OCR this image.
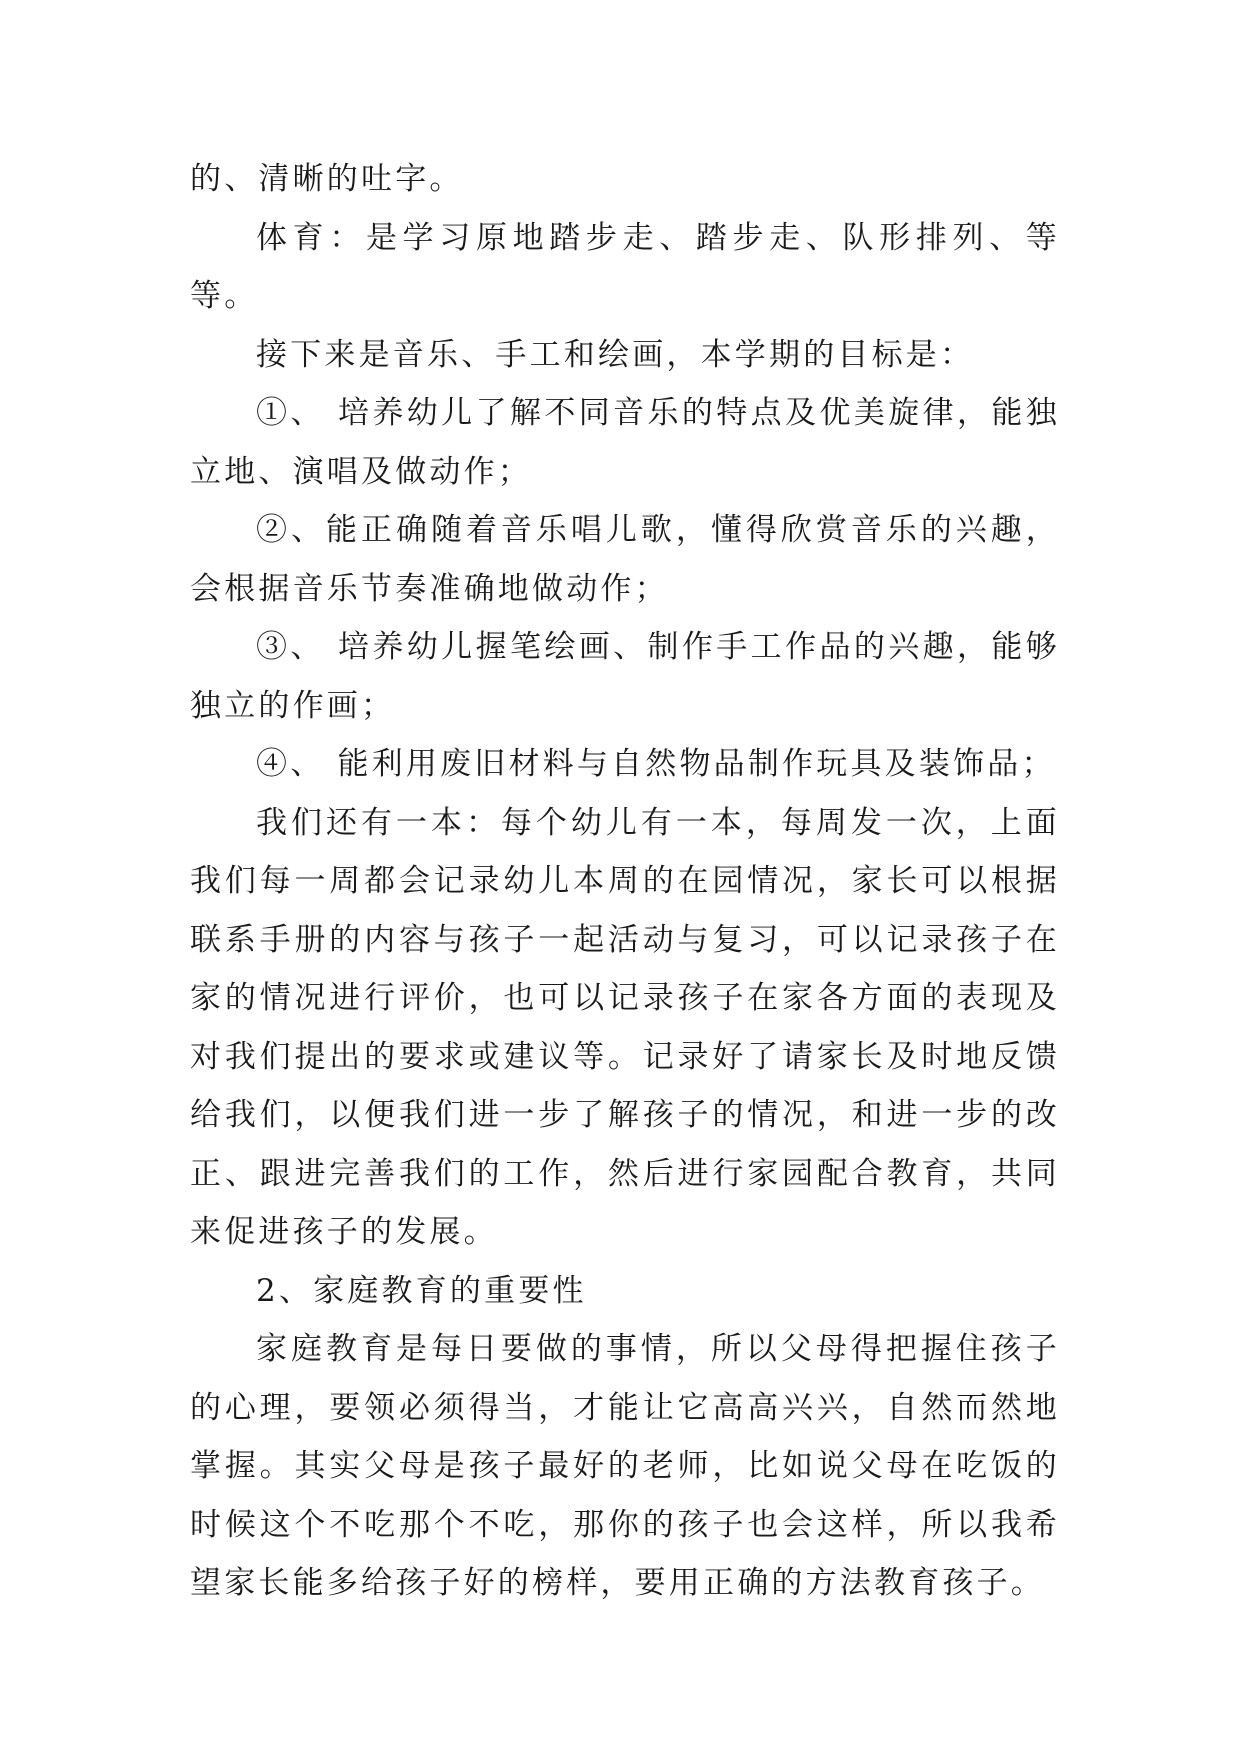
的、清晰的吐字。

体育：是学习原地踏步走、踏步走、队形排列、等等。

接下来是音乐、手工和绘画，本学期的目标是：

①、 培养幼儿了解不同音乐的特点及优美旋律，能独立地、演唱及做动作；

②、能正确随着音乐唱儿歌，懂得欣赏音乐的兴趣，会根据音乐节奏准确地做动作；

③、 培养幼儿握笔绘画、制作手工作品的兴趣，能够独立的作画；

④、 能利用废旧材料与自然物品制作玩具及装饰品；

我们还有一本：每个幼儿有一本，每周发一次，上面我们每一周都会记录幼儿本周的在园情况，家长可以根据联系手册的内容与孩子一起活动与复习，可以记录孩子在家的情况进行评价，也可以记录孩子在家各方面的表现及对我们提出的要求或建议等。记录好了请家长及时地反馈给我们，以便我们进一步了解孩子的情况，和进一步的改正、跟进完善我们的工作，然后进行家园配合教育，共同来促进孩子的发展。

2、家庭教育的重要性

家庭教育是每日要做的事情，所以父母得把握住孩子的心理，要领必须得当，才能让它高高兴兴，自然而然地掌握。其实父母是孩子最好的老师，比如说父母在吃饭的时候这个不吃那个不吃，那你的孩子也会这样，所以我希望家长能多给孩子好的榜样，要用正确的方法教育孩子。
